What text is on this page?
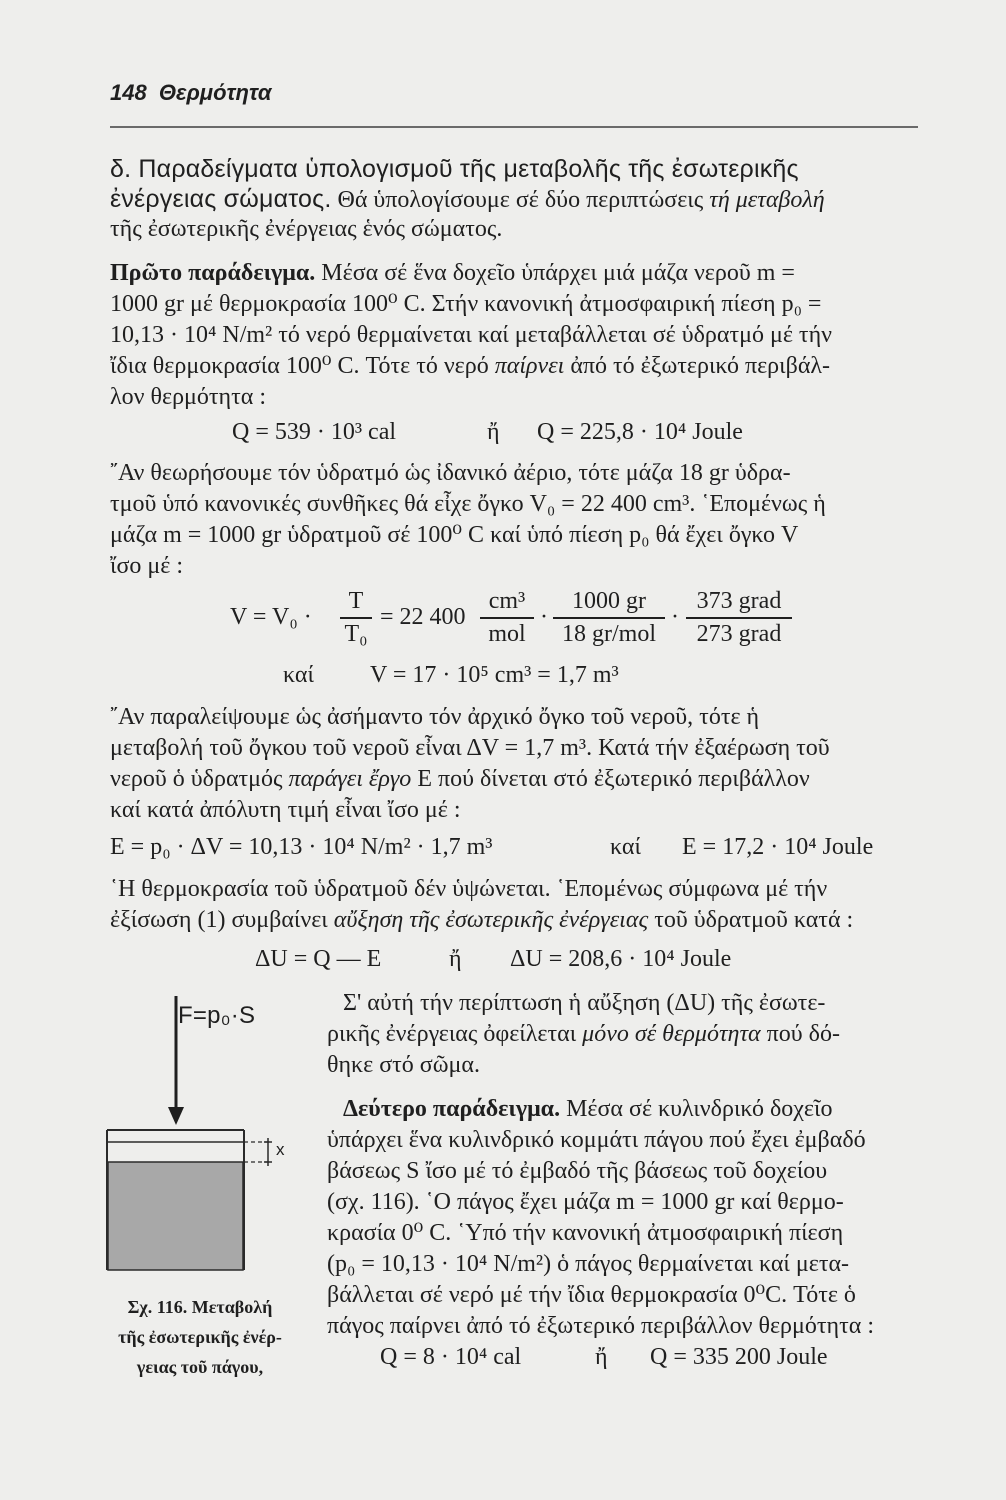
148 Θερμότητα
δ. Παραδείγματα ὑπολογισμοῦ τῆς μεταβολῆς τῆς ἐσωτερικῆς
ἐνέργειας σώματος. Θά ὑπολογίσουμε σέ δύο περιπτώσεις τή μεταβολή
τῆς ἐσωτερικῆς ἐνέργειας ἑνός σώματος.
Πρῶτο παράδειγμα. Μέσα σέ ἕνα δοχεῖο ὑπάρχει μιά μάζα νεροῦ m =
1000 gr μέ θερμοκρασία 100⁰ C. Στήν κανονική ἀτμοσφαιρική πίεση p₀ =
10,13 · 10⁴ N/m² τό νερό θερμαίνεται καί μεταβάλλεται σέ ὑδρατμό μέ τήν
ἴδια θερμοκρασία 100⁰ C. Τότε τό νερό παίρνει ἀπό τό ἐξωτερικό περιβάλ-
λον θερμότητα :
Q = 539 · 10³ cal	ἤ Q = 225,8 · 10⁴ Joule
῎Αν θεωρήσουμε τόν ὑδρατμό ὡς ἰδανικό ἀέριο, τότε μάζα 18 gr ὑδρα-
τμοῦ ὑπό κανονικές συνθῆκες θά εἶχε ὄγκο V₀ = 22 400 cm³. ῾Επομένως ἡ
μάζα m = 1000 gr ὑδρατμοῦ σέ 100⁰ C καί ὑπό πίεση p₀ θά ἔχει ὄγκο V
ἴσο μέ :
V = V₀ ·
T
T₀
= 22 400
cm³
mol
·
1000 gr
18 gr/mol
·
373 grad
273 grad
καί V = 17 · 10⁵ cm³ = 1,7 m³
῎Αν παραλείψουμε ὡς ἀσήμαντο τόν ἀρχικό ὄγκο τοῦ νεροῦ, τότε ἡ
μεταβολή τοῦ ὄγκου τοῦ νεροῦ εἶναι ΔV = 1,7 m³. Κατά τήν ἐξαέρωση τοῦ
νεροῦ ὁ ὑδρατμός παράγει ἔργο E πού δίνεται στό ἐξωτερικό περιβάλλον
καί κατά ἀπόλυτη τιμή εἶναι ἴσο μέ :
E = p₀ · ΔV = 10,13 · 10⁴ N/m² · 1,7 m³	καί E = 17,2 · 10⁴ Joule
῾Η θερμοκρασία τοῦ ὑδρατμοῦ δέν ὑψώνεται. ῾Επομένως σύμφωνα μέ τήν
ἐξίσωση (1) συμβαίνει αὔξηση τῆς ἐσωτερικῆς ἐνέργειας τοῦ ὑδρατμοῦ κατά :
ΔU = Q — E	ἤ ΔU = 208,6 · 10⁴ Joule
Σ' αὐτή τήν περίπτωση ἡ αὔξηση (ΔU) τῆς ἐσωτε-
ρικῆς ἐνέργειας ὀφείλεται μόνο σέ θερμότητα πού δό-
θηκε στό σῶμα.
Δεύτερο παράδειγμα. Μέσα σέ κυλινδρικό δοχεῖο
ὑπάρχει ἕνα κυλινδρικό κομμάτι πάγου πού ἔχει ἐμβαδό
βάσεως S ἴσο μέ τό ἐμβαδό τῆς βάσεως τοῦ δοχείου
(σχ. 116). ῾Ο πάγος ἔχει μάζα m = 1000 gr καί θερμο-
κρασία 0⁰ C. ῾Υπό τήν κανονική ἀτμοσφαιρική πίεση
(p₀ = 10,13 · 10⁴ N/m²) ὁ πάγος θερμαίνεται καί μετα-
βάλλεται σέ νερό μέ τήν ἴδια θερμοκρασία 0⁰C. Τότε ὁ
πάγος παίρνει ἀπό τό ἐξωτερικό περιβάλλον θερμότητα :
Q = 8 · 10⁴ cal	ἤ Q = 335 200 Joule
F=p₀·S
x
Σχ. 116. Μεταβολή
τῆς ἐσωτερικῆς ἐνέρ-
γειας τοῦ πάγου,
